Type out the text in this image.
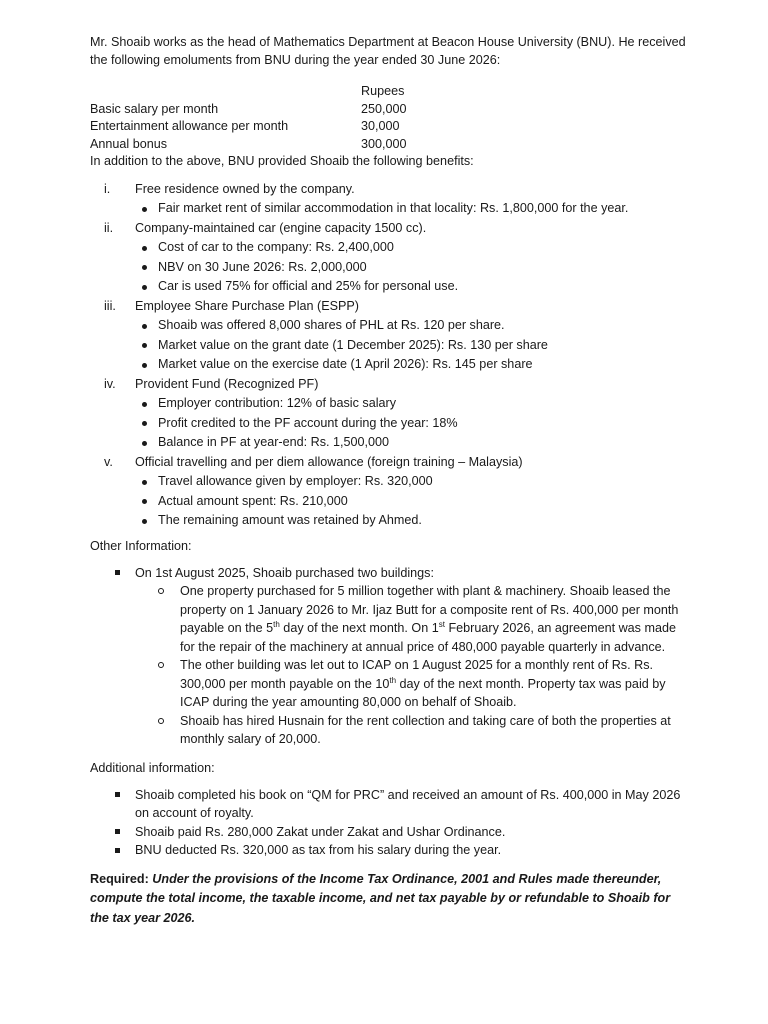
Mr. Shoaib works as the head of Mathematics Department at Beacon House University (BNU). He received the following emoluments from BNU during the year ended 30 June 2026:

Rupees
Basic salary per month	250,000
Entertainment allowance per month	30,000
Annual bonus	300,000

In addition to the above, BNU provided Shoaib the following benefits:

i. Free residence owned by the company.
Fair market rent of similar accommodation in that locality: Rs. 1,800,000 for the year.
ii. Company-maintained car (engine capacity 1500 cc).
Cost of car to the company: Rs. 2,400,000
NBV on 30 June 2026: Rs. 2,000,000
Car is used 75% for official and 25% for personal use.
iii. Employee Share Purchase Plan (ESPP)
Shoaib was offered 8,000 shares of PHL at Rs. 120 per share.
Market value on the grant date (1 December 2025): Rs. 130 per share
Market value on the exercise date (1 April 2026): Rs. 145 per share
iv. Provident Fund (Recognized PF)
Employer contribution: 12% of basic salary
Profit credited to the PF account during the year: 18%
Balance in PF at year-end: Rs. 1,500,000
v. Official travelling and per diem allowance (foreign training – Malaysia)
Travel allowance given by employer: Rs. 320,000
Actual amount spent: Rs. 210,000
The remaining amount was retained by Ahmed.

Other Information:

On 1st August 2025, Shoaib purchased two buildings:
One property purchased for 5 million together with plant & machinery. Shoaib leased the property on 1 January 2026 to Mr. Ijaz Butt for a composite rent of Rs. 400,000 per month payable on the 5th day of the next month. On 1st February 2026, an agreement was made for the repair of the machinery at annual price of 480,000 payable quarterly in advance.
The other building was let out to ICAP on 1 August 2025 for a monthly rent of Rs. Rs. 300,000 per month payable on the 10th day of the next month. Property tax was paid by ICAP during the year amounting 80,000 on behalf of Shoaib.
Shoaib has hired Husnain for the rent collection and taking care of both the properties at monthly salary of 20,000.

Additional information:

Shoaib completed his book on “QM for PRC” and received an amount of Rs. 400,000 in May 2026 on account of royalty.
Shoaib paid Rs. 280,000 Zakat under Zakat and Ushar Ordinance.
BNU deducted Rs. 320,000 as tax from his salary during the year.

Required: Under the provisions of the Income Tax Ordinance, 2001 and Rules made thereunder, compute the total income, the taxable income, and net tax payable by or refundable to Shoaib for the tax year 2026.
